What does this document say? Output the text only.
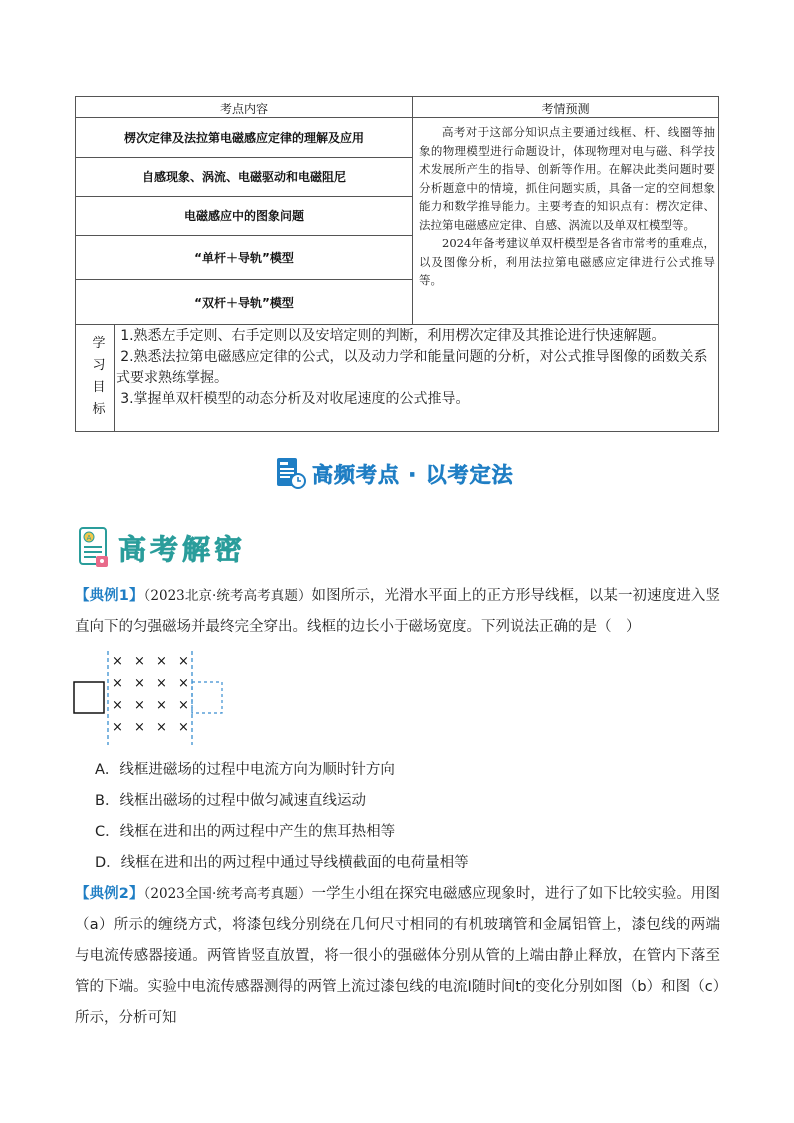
考点内容	考情预测
楞次定律及法拉第电磁感应定律的理解及应用
自感现象、涡流、电磁驱动和电磁阻尼
电磁感应中的图象问题
“单杆＋导轨”模型
“双杆＋导轨”模型

高考对于这部分知识点主要通过线框、杆、线圈等抽象的物理模型进行命题设计，体现物理对电与磁、科学技术发展所产生的指导、创新等作用。在解决此类问题时要分析题意中的情境，抓住问题实质，具备一定的空间想象能力和数学推导能力。主要考查的知识点有：楞次定律、法拉第电磁感应定律、自感、涡流以及单双杠模型等。

2024年备考建议单双杆模型是各省市常考的重难点，以及图像分析，利用法拉第电磁感应定律进行公式推导等。

学
习
目
标

1.熟悉左手定则、右手定则以及安培定则的判断，利用楞次定律及其推论进行快速解题。

2.熟悉法拉第电磁感应定律的公式，以及动力学和能量问题的分析，对公式推导图像的函数关系式要求熟练掌握。

3.掌握单双杆模型的动态分析及对收尾速度的公式推导。

高频考点 · 以考定法
A 高考解密
【典例1】（2023北京·统考高考真题）如图所示，光滑水平面上的正方形导线框，以某一初速度进入竖直向下的匀强磁场并最终完全穿出。线框的边长小于磁场宽度。下列说法正确的是（　）
× × × ×
× × × ×
× × × ×
× × × ×
A．线框进磁场的过程中电流方向为顺时针方向
B．线框出磁场的过程中做匀减速直线运动
C．线框在进和出的两过程中产生的焦耳热相等
D．线框在进和出的两过程中通过导线横截面的电荷量相等
【典例2】（2023全国·统考高考真题）一学生小组在探究电磁感应现象时，进行了如下比较实验。用图（a）所示的缠绕方式，将漆包线分别绕在几何尺寸相同的有机玻璃管和金属铝管上，漆包线的两端与电流传感器接通。两管皆竖直放置，将一很小的强磁体分别从管的上端由静止释放，在管内下落至管的下端。实验中电流传感器测得的两管上流过漆包线的电流I随时间t的变化分别如图（b）和图（c）所示，分析可知
